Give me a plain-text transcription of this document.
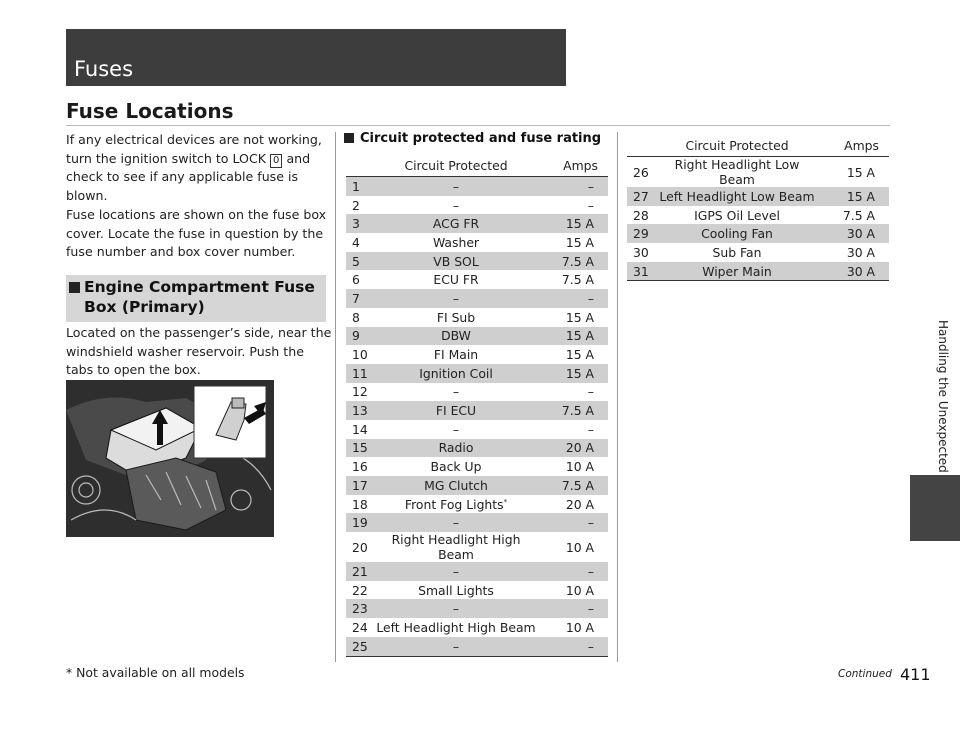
Fuses
Fuse Locations
If any electrical devices are not working, turn the ignition switch to LOCK 0 and check to see if any applicable fuse is blown.
Fuse locations are shown on the fuse box cover. Locate the fuse in question by the fuse number and box cover number.
Engine Compartment Fuse Box (Primary)
Located on the passenger’s side, near the windshield washer reservoir. Push the tabs to open the box.
Circuit protected and fuse rating
	Circuit Protected	Amps
1	–	–
2	–	–
3	ACG FR	15 A
4	Washer	15 A
5	VB SOL	7.5 A
6	ECU FR	7.5 A
7	–	–
8	FI Sub	15 A
9	DBW	15 A
10	FI Main	15 A
11	Ignition Coil	15 A
12	–	–
13	FI ECU	7.5 A
14	–	–
15	Radio	20 A
16	Back Up	10 A
17	MG Clutch	7.5 A
18	Front Fog Lights*	20 A
19	–	–
20	Right Headlight High Beam	10 A
21	–	–
22	Small Lights	10 A
23	–	–
24	Left Headlight High Beam	10 A
25	–	–
	Circuit Protected	Amps
26	Right Headlight Low Beam	15 A
27	Left Headlight Low Beam	15 A
28	IGPS Oil Level	7.5 A
29	Cooling Fan	30 A
30	Sub Fan	30 A
31	Wiper Main	30 A
Handling the Unexpected
* Not available on all models	Continued 411
